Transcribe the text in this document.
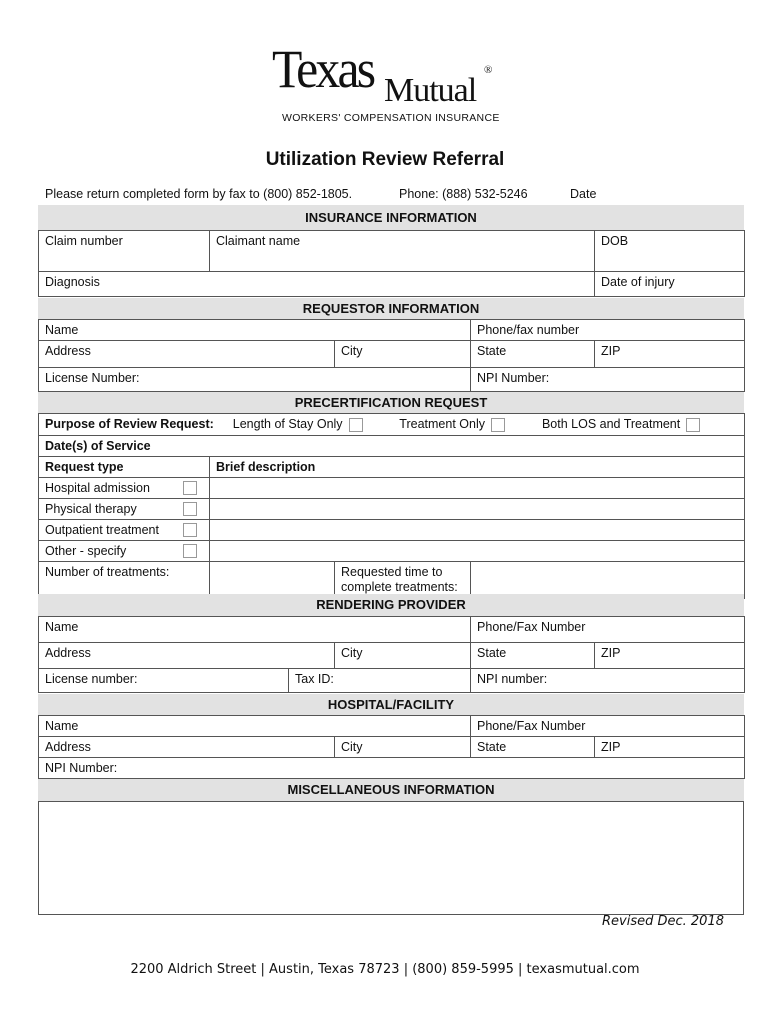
Texas Mutual
®
WORKERS' COMPENSATION INSURANCE
Utilization Review Referral
Please return completed form by fax to (800) 852-1805.	Phone: (888) 532-5246	Date
INSURANCE INFORMATION
Claim number	Claimant name	DOB
Diagnosis		Date of injury
REQUESTOR INFORMATION
Name		Phone/fax number	
Address	City	State	ZIP
License Number:		NPI Number:	
PRECERTIFICATION REQUEST
Purpose of Review Request: Length of Stay Only Treatment Only Both LOS and Treatment			
Date(s) of Service			
Request type	Brief description		
Hospital admission		

Physical therapy		

Outpatient treatment		

Other - specify		

Number of treatments:		Requested time to complete treatments:	
RENDERING PROVIDER
Name			Phone/Fax Number	
Address		City	State	ZIP
License number:	Tax ID:		NPI number:	
HOSPITAL/FACILITY
Name		Phone/Fax Number	
Address	City	State	ZIP
NPI Number:			
MISCELLANEOUS INFORMATION
Revised Dec. 2018
2200 Aldrich Street | Austin, Texas 78723 | (800) 859-5995 | texasmutual.com
